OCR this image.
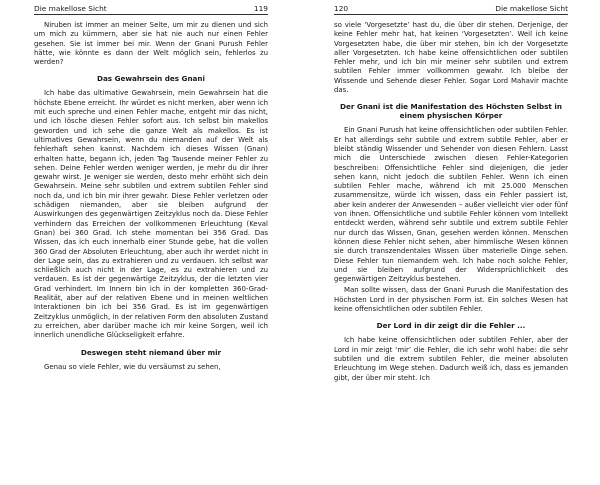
Die makellose Sicht	119

Niruben ist immer an meiner Seite, um mir zu dienen und sich um mich zu kümmern, aber sie hat nie auch nur einen Fehler gesehen. Sie ist immer bei mir. Wenn der Gnani Purush Fehler hätte, wie könnte es dann der Welt möglich sein, fehlerlos zu werden?

Das Gewahrsein des Gnani

Ich habe das ultimative Gewahrsein, mein Gewahrsein hat die höchste Ebene erreicht. Ihr würdet es nicht merken, aber wenn ich mit euch spreche und einen Fehler mache, entgeht mir das nicht, und ich lösche diesen Fehler sofort aus. Ich selbst bin makellos geworden und ich sehe die ganze Welt als makellos. Es ist ultimatives Gewahrsein, wenn du niemanden auf der Welt als fehlerhaft sehen kannst. Nachdem ich dieses Wissen (Gnan) erhalten hatte, begann ich, jeden Tag Tausende meiner Fehler zu sehen. Deine Fehler werden weniger werden, je mehr du dir ihrer gewahr wirst. Je weniger sie werden, desto mehr erhöht sich dein Gewahrsein. Meine sehr subtilen und extrem subtilen Fehler sind noch da, und ich bin mir ihrer gewahr. Diese Fehler verletzen oder schädigen niemanden, aber sie bleiben aufgrund der Auswirkungen des gegenwärtigen Zeitzyklus noch da. Diese Fehler verhindern das Erreichen der vollkommenen Erleuchtung (Keval Gnan) bei 360 Grad. Ich stehe momentan bei 356 Grad. Das Wissen, das ich euch innerhalb einer Stunde gebe, hat die vollen 360 Grad der Absoluten Erleuchtung, aber auch ihr werdet nicht in der Lage sein, das zu extrahieren und zu verdauen. Ich selbst war schließlich auch nicht in der Lage, es zu extrahieren und zu verdauen. Es ist der gegenwärtige Zeitzyklus, der die letzten vier Grad verhindert. Im Innern bin ich in der kompletten 360-Grad-Realität, aber auf der relativen Ebene und in meinen weltlichen Interaktionen bin ich bei 356 Grad. Es ist im gegenwärtigen Zeitzyklus unmöglich, in der relativen Form den absoluten Zustand zu erreichen, aber darüber mache ich mir keine Sorgen, weil ich innerlich unendliche Glückseligkeit erfahre.

Deswegen steht niemand über mir

Genau so viele Fehler, wie du versäumst zu sehen,

120	Die makellose Sicht

so viele ‘Vorgesetzte’ hast du, die über dir stehen. Derjenige, der keine Fehler mehr hat, hat keinen ‘Vorgesetzten’. Weil ich keine Vorgesetzten habe, die über mir stehen, bin ich der Vorgesetzte aller Vorgesetzten. Ich habe keine offensichtlichen oder subtilen Fehler mehr, und ich bin mir meiner sehr subtilen und extrem subtilen Fehler immer vollkommen gewahr. Ich bleibe der Wissende und Sehende dieser Fehler. Sogar Lord Mahavir machte das.

Der Gnani ist die Manifestation des Höchsten Selbst in einem physischen Körper

Ein Gnani Purush hat keine offensichtlichen oder subtilen Fehler. Er hat allerdings sehr subtile und extrem subtile Fehler, aber er bleibt ständig Wissender und Sehender von diesen Fehlern. Lasst mich die Unterschiede zwischen diesen Fehler-Kategorien beschreiben: Offensichtliche Fehler sind diejenigen, die jeder sehen kann, nicht jedoch die subtilen Fehler. Wenn ich einen subtilen Fehler mache, während ich mit 25.000 Menschen zusammensitze, würde ich wissen, dass ein Fehler passiert ist, aber kein anderer der Anwesenden – außer vielleicht vier oder fünf von ihnen. Offensichtliche und subtile Fehler können vom Intellekt entdeckt werden, während sehr subtile und extrem subtile Fehler nur durch das Wissen, Gnan, gesehen werden können. Menschen können diese Fehler nicht sehen, aber himmlische Wesen können sie durch transzendentales Wissen über materielle Dinge sehen. Diese Fehler tun niemandem weh. Ich habe noch solche Fehler, und sie bleiben aufgrund der Widersprüchlichkeit des gegenwärtigen Zeitzyklus bestehen.

Man sollte wissen, dass der Gnani Purush die Manifestation des Höchsten Lord in der physischen Form ist. Ein solches Wesen hat keine offensichtlichen oder subtilen Fehler.

Der Lord in dir zeigt dir die Fehler ...

Ich habe keine offensichtlichen oder subtilen Fehler, aber der Lord in mir zeigt ‘mir’ die Fehler, die ich sehr wohl habe: die sehr subtilen und die extrem subtilen Fehler, die meiner absoluten Erleuchtung im Wege stehen. Dadurch weiß ich, dass es jemanden gibt, der über mir steht. Ich
